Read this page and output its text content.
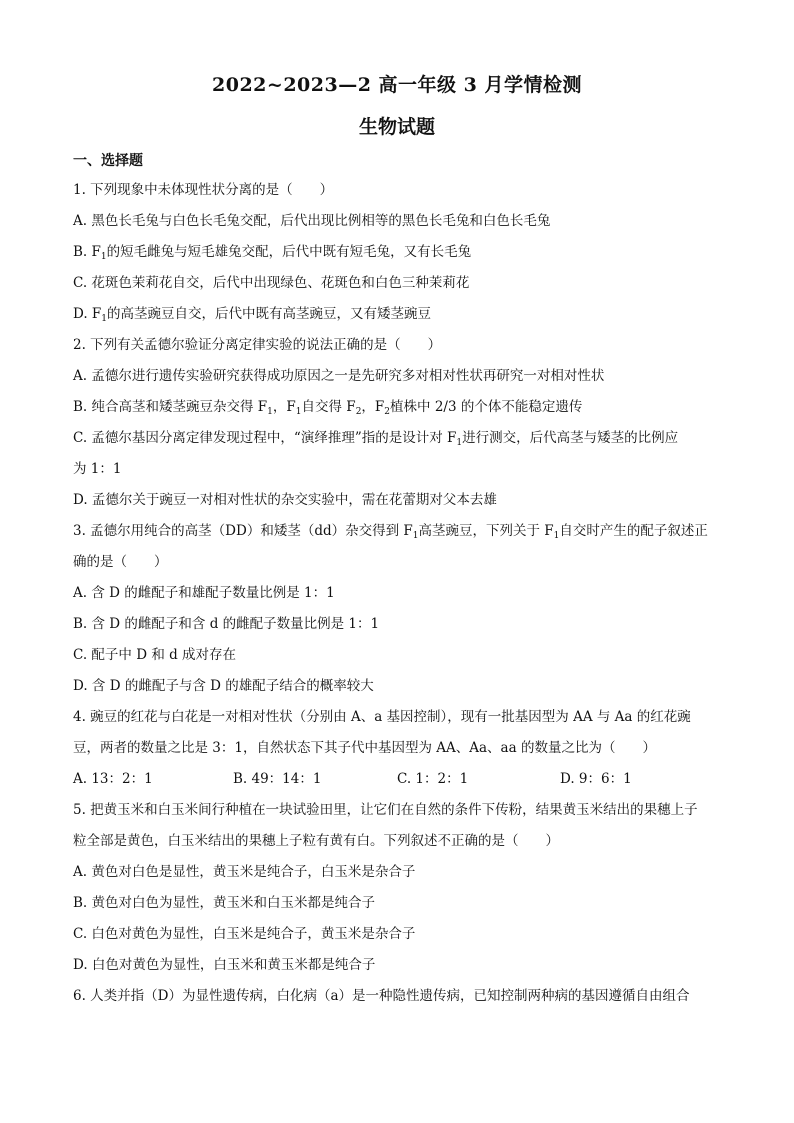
2022~2023—2 高一年级 3 月学情检测
生物试题
一、选择题
1. 下列现象中未体现性状分离的是（　　）
A. 黑色长毛兔与白色长毛兔交配，后代出现比例相等的黑色长毛兔和白色长毛兔
B. $F_1$的短毛雌兔与短毛雄兔交配，后代中既有短毛兔，又有长毛兔
C. 花斑色茉莉花自交，后代中出现绿色、花斑色和白色三种茉莉花
D. $F_1$的高茎豌豆自交，后代中既有高茎豌豆，又有矮茎豌豆
2. 下列有关孟德尔验证分离定律实验的说法正确的是（　　）
A. 孟德尔进行遗传实验研究获得成功原因之一是先研究多对相对性状再研究一对相对性状
B. 纯合高茎和矮茎豌豆杂交得 $F_1$，$F_1$自交得 $F_2$，$F_2$植株中 2/3 的个体不能稳定遗传
C. 孟德尔基因分离定律发现过程中，“演绎推理”指的是设计对 $F_1$进行测交，后代高茎与矮茎的比例应
为 1：1
D. 孟德尔关于豌豆一对相对性状的杂交实验中，需在花蕾期对父本去雄
3. 孟德尔用纯合的高茎（DD）和矮茎（dd）杂交得到 $F_1$高茎豌豆，下列关于 $F_1$自交时产生的配子叙述正
确的是（　　）
A. 含 D 的雌配子和雄配子数量比例是 1：1
B. 含 D 的雌配子和含 d 的雌配子数量比例是 1：1
C. 配子中 D 和 d 成对存在
D. 含 D 的雌配子与含 D 的雄配子结合的概率较大
4. 豌豆的红花与白花是一对相对性状（分别由 A、a 基因控制），现有一批基因型为 AA 与 Aa 的红花豌
豆，两者的数量之比是 3：1，自然状态下其子代中基因型为 AA、Aa、aa 的数量之比为（　　）
A. 13：2：1	B. 49：14：1	C. 1：2：1	D. 9：6：1
5. 把黄玉米和白玉米间行种植在一块试验田里，让它们在自然的条件下传粉，结果黄玉米结出的果穗上子
粒全部是黄色，白玉米结出的果穗上子粒有黄有白。下列叙述不正确的是（　　）
A. 黄色对白色是显性，黄玉米是纯合子，白玉米是杂合子
B. 黄色对白色为显性，黄玉米和白玉米都是纯合子
C. 白色对黄色为显性，白玉米是纯合子，黄玉米是杂合子
D. 白色对黄色为显性，白玉米和黄玉米都是纯合子
6. 人类并指（D）为显性遗传病，白化病（a）是一种隐性遗传病，已知控制两种病的基因遵循自由组合
